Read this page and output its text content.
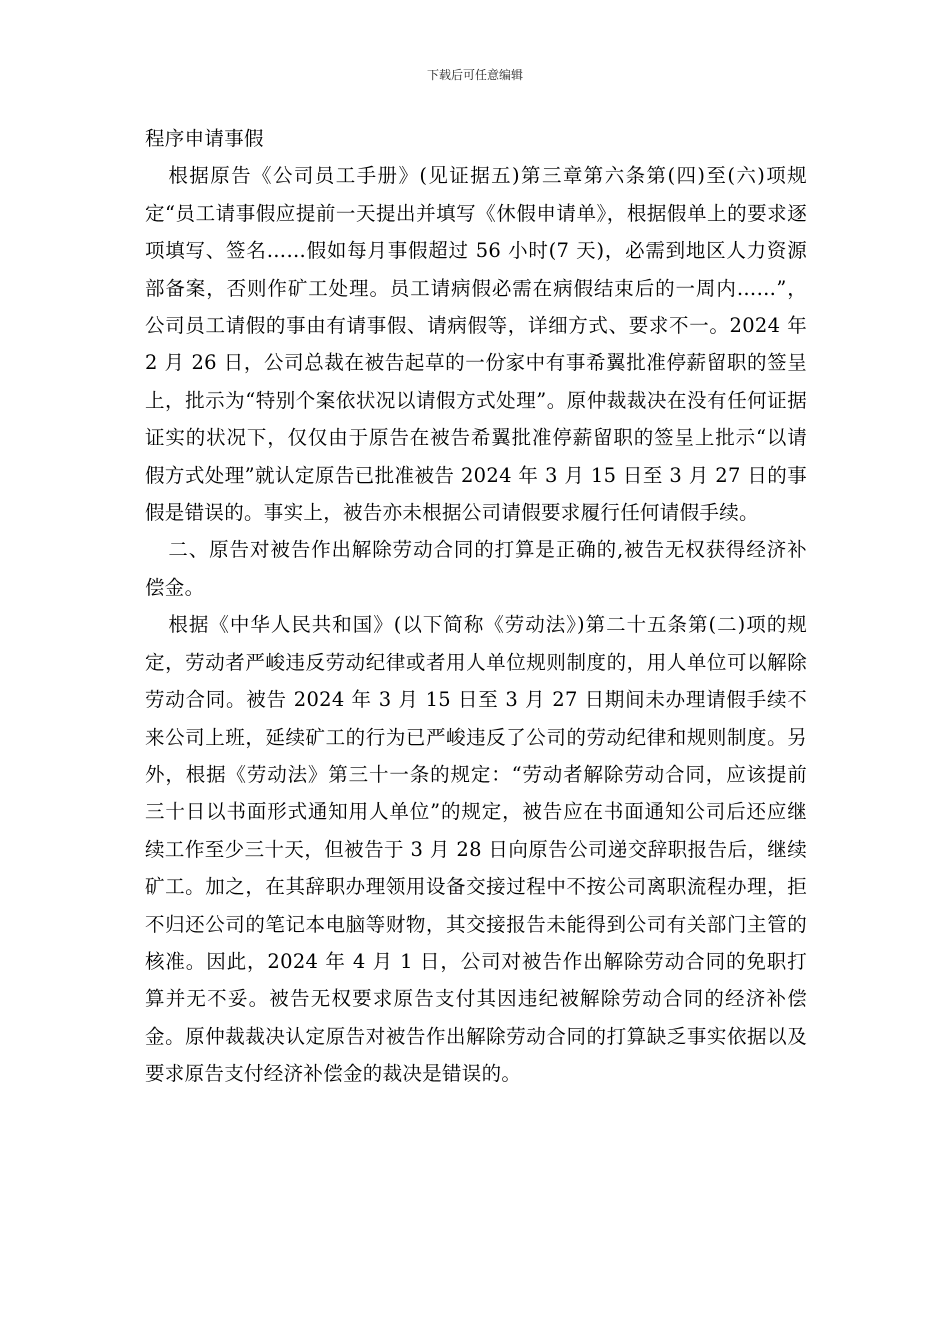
下载后可任意编辑

程序申请事假

根据原告《公司员工手册》(见证据五)第三章第六条第(四)至(六)项规定“员工请事假应提前一天提出并填写《休假申请单》，根据假单上的要求逐项填写、签名……假如每月事假超过 56 小时(7 天)，必需到地区人力资源部备案，否则作矿工处理。员工请病假必需在病假结束后的一周内……”，公司员工请假的事由有请事假、请病假等，详细方式、要求不一。2024 年 2 月 26 日，公司总裁在被告起草的一份家中有事希翼批准停薪留职的签呈上，批示为“特别个案依状况以请假方式处理”。原仲裁裁决在没有任何证据证实的状况下，仅仅由于原告在被告希翼批准停薪留职的签呈上批示“以请假方式处理”就认定原告已批准被告 2024 年 3 月 15 日至 3 月 27 日的事假是错误的。事实上，被告亦未根据公司请假要求履行任何请假手续。

二、原告对被告作出解除劳动合同的打算是正确的,被告无权获得经济补偿金。

根据《中华人民共和国》(以下简称《劳动法》)第二十五条第(二)项的规定，劳动者严峻违反劳动纪律或者用人单位规则制度的，用人单位可以解除劳动合同。被告 2024 年 3 月 15 日至 3 月 27 日期间未办理请假手续不来公司上班，延续矿工的行为已严峻违反了公司的劳动纪律和规则制度。另外，根据《劳动法》第三十一条的规定：“劳动者解除劳动合同，应该提前三十日以书面形式通知用人单位”的规定，被告应在书面通知公司后还应继续工作至少三十天，但被告于 3 月 28 日向原告公司递交辞职报告后，继续矿工。加之，在其辞职办理领用设备交接过程中不按公司离职流程办理，拒不归还公司的笔记本电脑等财物，其交接报告未能得到公司有关部门主管的核准。因此，2024 年 4 月 1 日，公司对被告作出解除劳动合同的免职打算并无不妥。被告无权要求原告支付其因违纪被解除劳动合同的经济补偿金。原仲裁裁决认定原告对被告作出解除劳动合同的打算缺乏事实依据以及要求原告支付经济补偿金的裁决是错误的。
